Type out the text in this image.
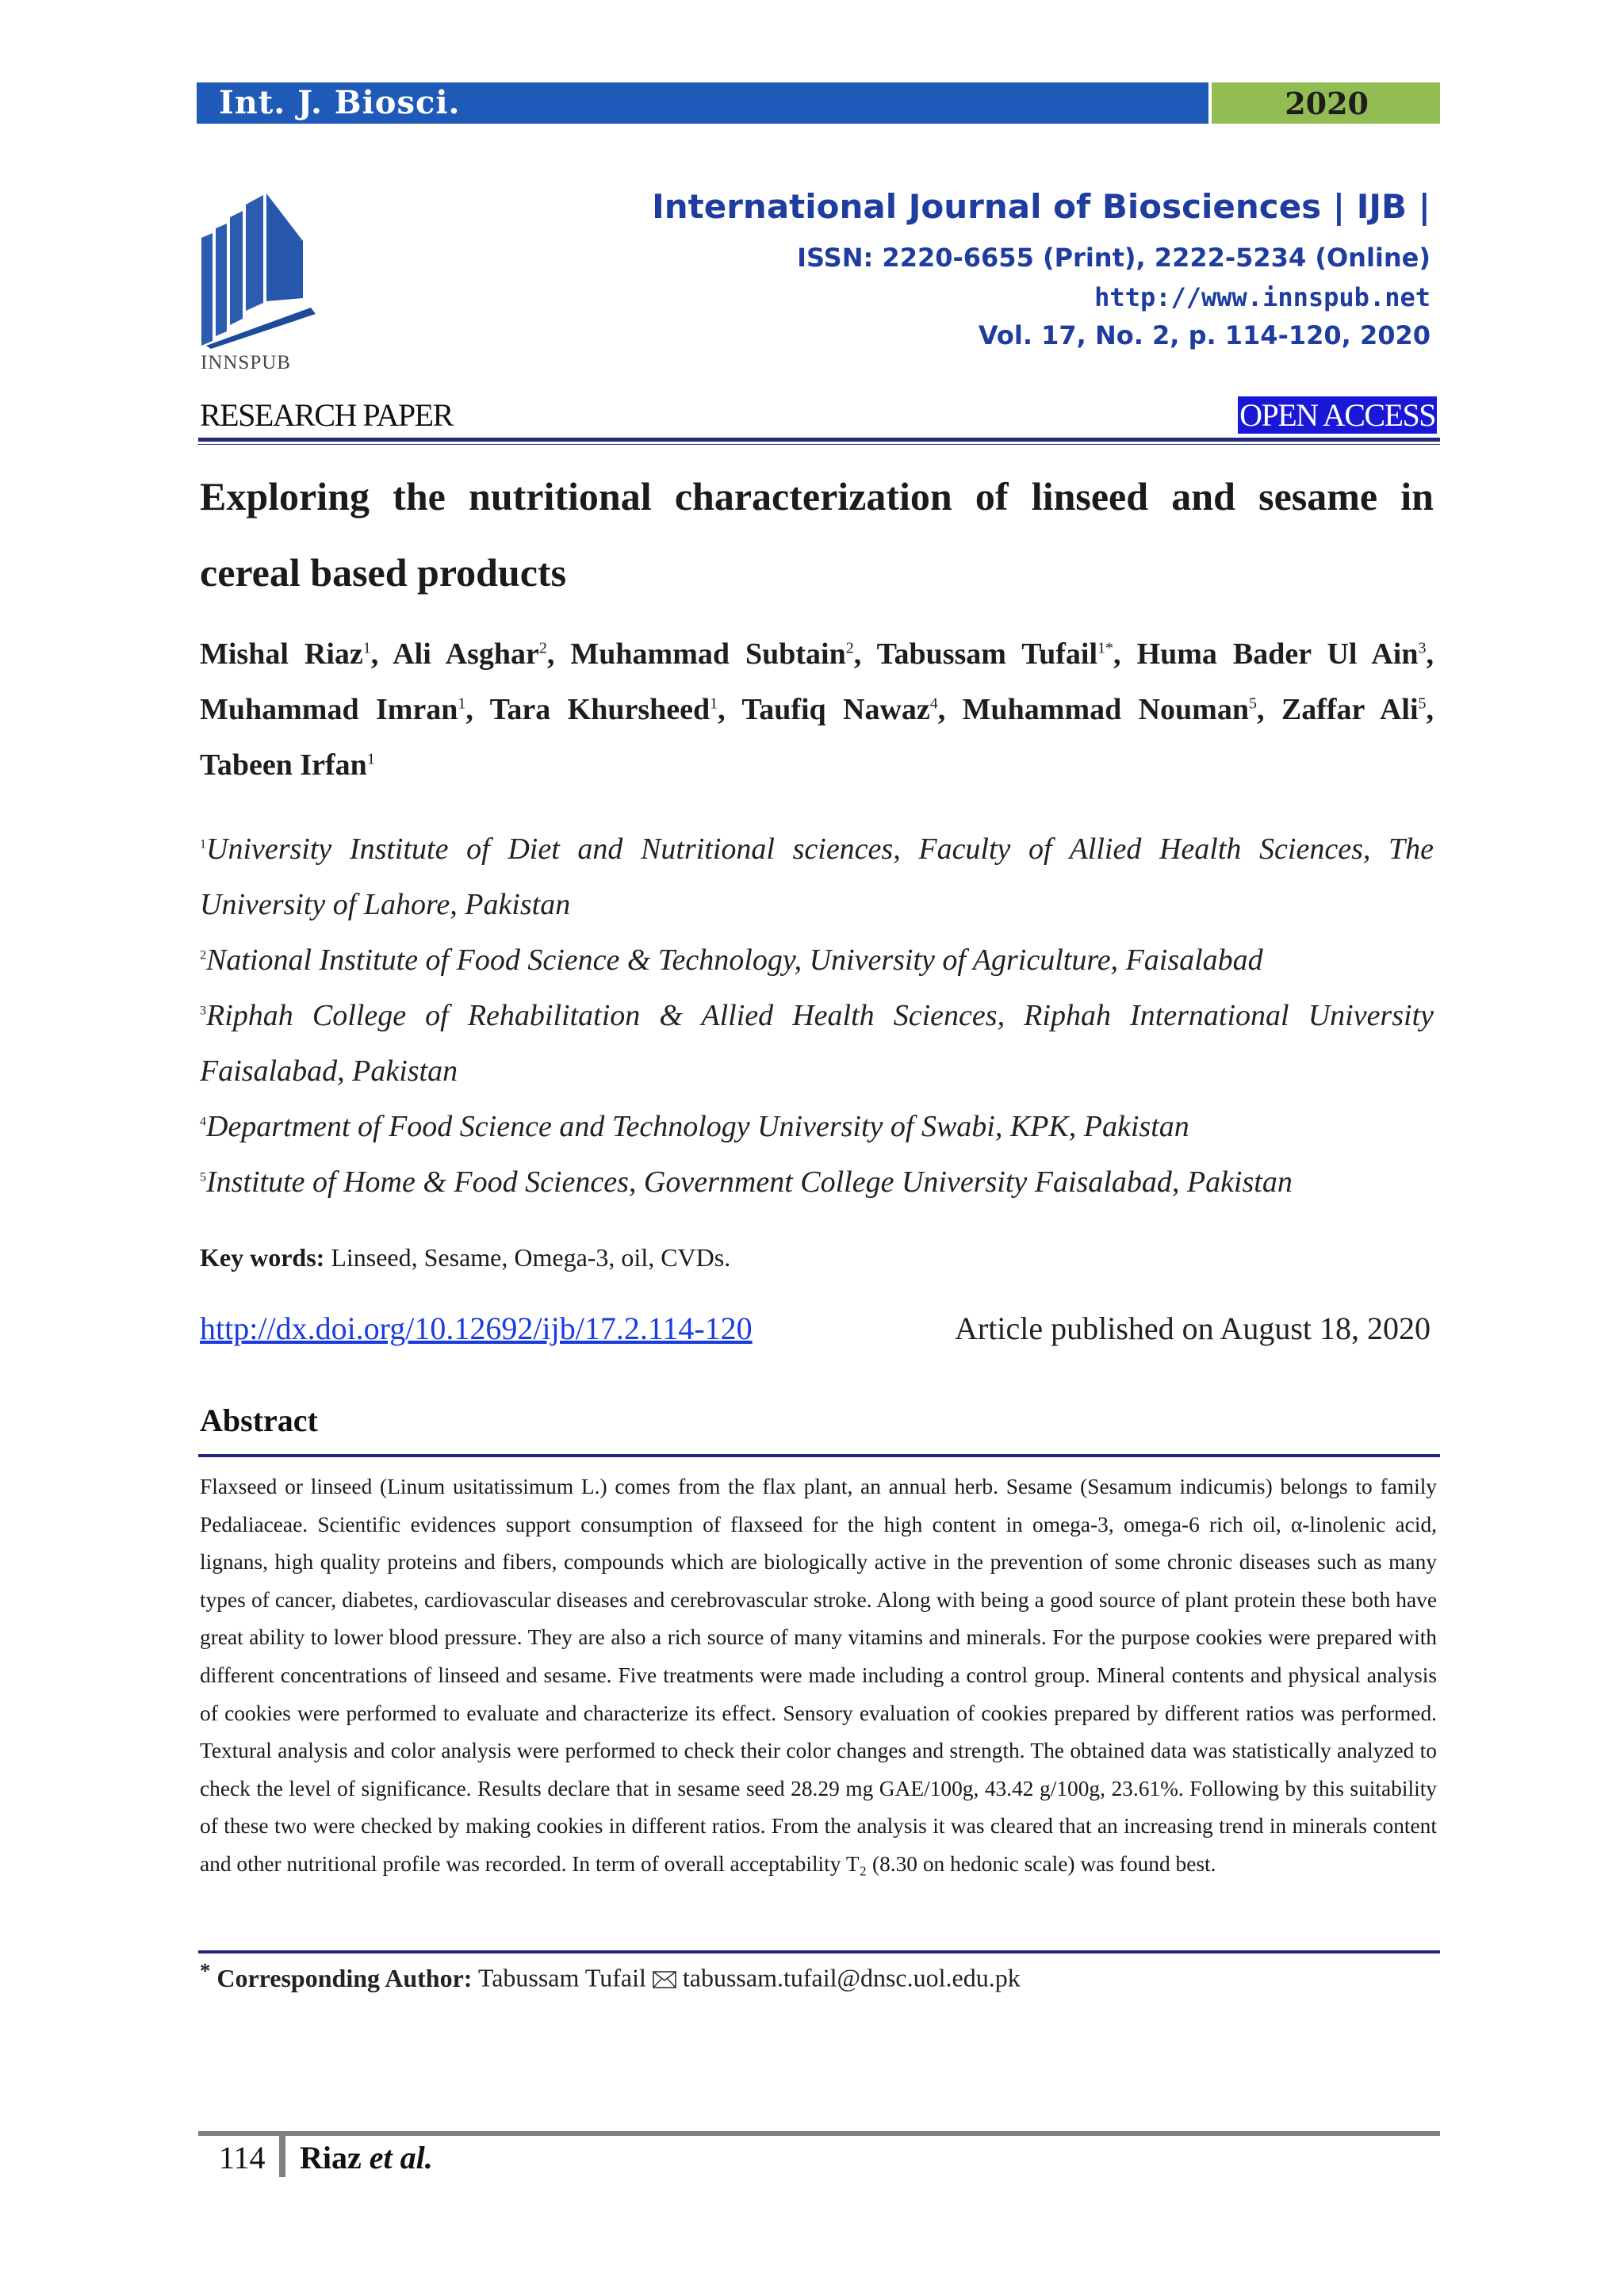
Int. J. Biosci.	2020
INNSPUB
International Journal of Biosciences | IJB |
ISSN: 2220-6655 (Print), 2222-5234 (Online)
http://www.innspub.net
Vol. 17, No. 2, p. 114-120, 2020
RESEARCH PAPER	OPEN ACCESS
Exploring the nutritional characterization of linseed and sesame in cereal based products
Mishal Riaz$^1$, Ali Asghar$^2$, Muhammad Subtain$^2$, Tabussam Tufail$^{1*}$, Huma Bader Ul Ain$^3$, Muhammad Imran$^1$, Tara Khursheed$^1$, Taufiq Nawaz$^4$, Muhammad Nouman$^5$, Zaffar Ali$^5$, Tabeen Irfan$^1$
$^1$University Institute of Diet and Nutritional sciences, Faculty of Allied Health Sciences, The University of Lahore, Pakistan
$^2$National Institute of Food Science & Technology, University of Agriculture, Faisalabad
$^3$Riphah College of Rehabilitation & Allied Health Sciences, Riphah International University Faisalabad, Pakistan
$^4$Department of Food Science and Technology University of Swabi, KPK, Pakistan
$^5$Institute of Home & Food Sciences, Government College University Faisalabad, Pakistan
Key words: Linseed, Sesame, Omega-3, oil, CVDs.
http://dx.doi.org/10.12692/ijb/17.2.114-120	Article published on August 18, 2020
Abstract
Flaxseed or linseed (Linum usitatissimum L.) comes from the flax plant, an annual herb. Sesame (Sesamum indicumis) belongs to family Pedaliaceae. Scientific evidences support consumption of flaxseed for the high content in omega-3, omega-6 rich oil, α-linolenic acid, lignans, high quality proteins and fibers, compounds which are biologically active in the prevention of some chronic diseases such as many types of cancer, diabetes, cardiovascular diseases and cerebrovascular stroke. Along with being a good source of plant protein these both have great ability to lower blood pressure. They are also a rich source of many vitamins and minerals. For the purpose cookies were prepared with different concentrations of linseed and sesame. Five treatments were made including a control group. Mineral contents and physical analysis of cookies were performed to evaluate and characterize its effect. Sensory evaluation of cookies prepared by different ratios was performed. Textural analysis and color analysis were performed to check their color changes and strength. The obtained data was statistically analyzed to check the level of significance. Results declare that in sesame seed 28.29 mg GAE/100g, 43.42 g/100g, 23.61%. Following by this suitability of these two were checked by making cookies in different ratios. From the analysis it was cleared that an increasing trend in minerals content and other nutritional profile was recorded. In term of overall acceptability T₂ (8.30 on hedonic scale) was found best.
* Corresponding Author: Tabussam Tufail tabussam.tufail@dnsc.uol.edu.pk
114 Riaz et al.
